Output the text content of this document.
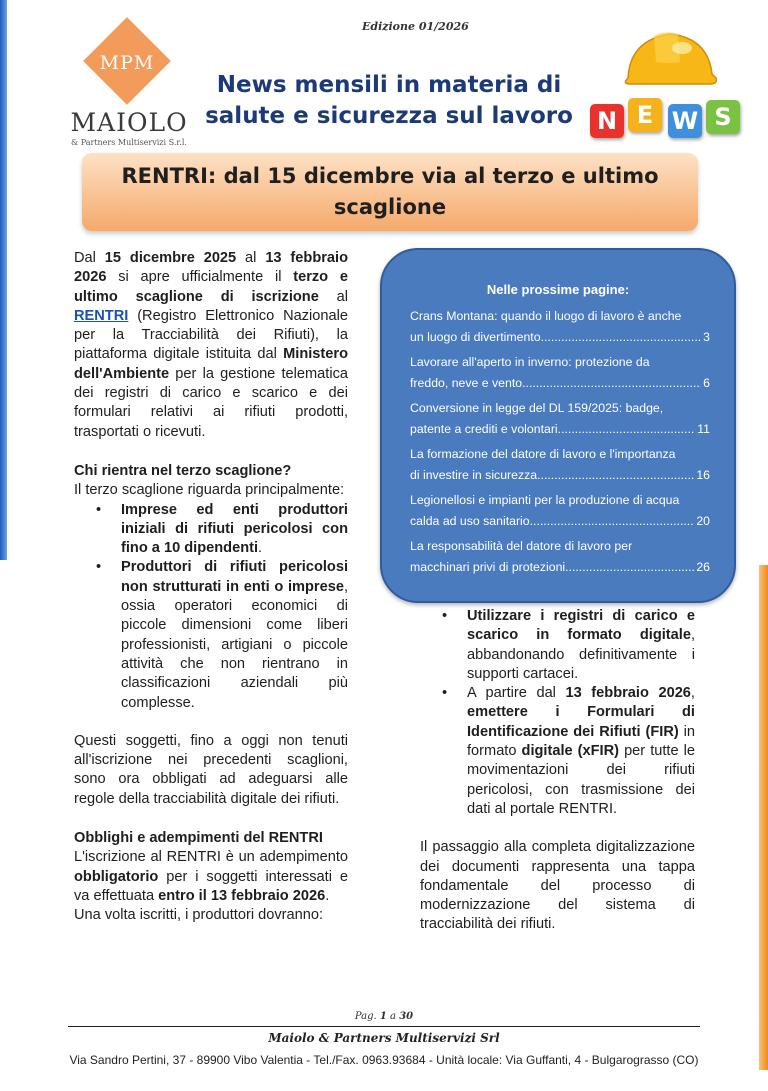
Edizione 01/2026
MPM
MAIOLO
& Partners Multiservizi S.r.l.
News mensili in materia di
salute e sicurezza sul lavoro N E W S
RENTRI: dal 15 dicembre via al terzo e ultimo
scaglione

Dal 15 dicembre 2025 al 13 febbraio 2026 si apre ufficialmente il terzo e ultimo scaglione di iscrizione al RENTRI (Registro Elettronico Nazionale per la Tracciabilità dei Rifiuti), la piattaforma digitale istituita dal Ministero dell'Ambiente per la gestione telematica dei registri di carico e scarico e dei formulari relativi ai rifiuti prodotti, trasportati o ricevuti.

Chi rientra nel terzo scaglione?

Il terzo scaglione riguarda principalmente:

• Imprese ed enti produttori iniziali di rifiuti pericolosi con fino a 10 dipendenti.
• Produttori di rifiuti pericolosi non strutturati in enti o imprese, ossia operatori economici di piccole dimensioni come liberi professionisti, artigiani o piccole attività che non rientrano in classificazioni aziendali più complesse.

Questi soggetti, fino a oggi non tenuti all'iscrizione nei precedenti scaglioni, sono ora obbligati ad adeguarsi alle regole della tracciabilità digitale dei rifiuti.

Obblighi e adempimenti del RENTRI

L'iscrizione al RENTRI è un adempimento obbligatorio per i soggetti interessati e va effettuata entro il 13 febbraio 2026.

Una volta iscritti, i produttori dovranno:

Nelle prossime pagine:
Crans Montana: quando il luogo di lavoro è anche
un luogo di divertimento .....	3
Lavorare all'aperto in inverno: protezione da
freddo, neve e vento .....	6
Conversione in legge del DL 159/2025: badge,
patente a crediti e volontari .....	11
La formazione del datore di lavoro e l'importanza
di investire in sicurezza .....	16
Legionellosi e impianti per la produzione di acqua
calda ad uso sanitario .....	20
La responsabilità del datore di lavoro per
macchinari privi di protezioni .....	26
• Utilizzare i registri di carico e scarico in formato digitale, abbandonando definitivamente i supporti cartacei.
• A partire dal 13 febbraio 2026, emettere i Formulari di Identificazione dei Rifiuti (FIR) in formato digitale (xFIR) per tutte le movimentazioni dei rifiuti pericolosi, con trasmissione dei dati al portale RENTRI.

Il passaggio alla completa digitalizzazione dei documenti rappresenta una tappa fondamentale del processo di modernizzazione del sistema di tracciabilità dei rifiuti.

Pag. 1 a 30
Maiolo & Partners Multiservizi Srl
Via Sandro Pertini, 37 - 89900 Vibo Valentia - Tel./Fax. 0963.93684 - Unità locale: Via Guffanti, 4 - Bulgarograsso (CO)
